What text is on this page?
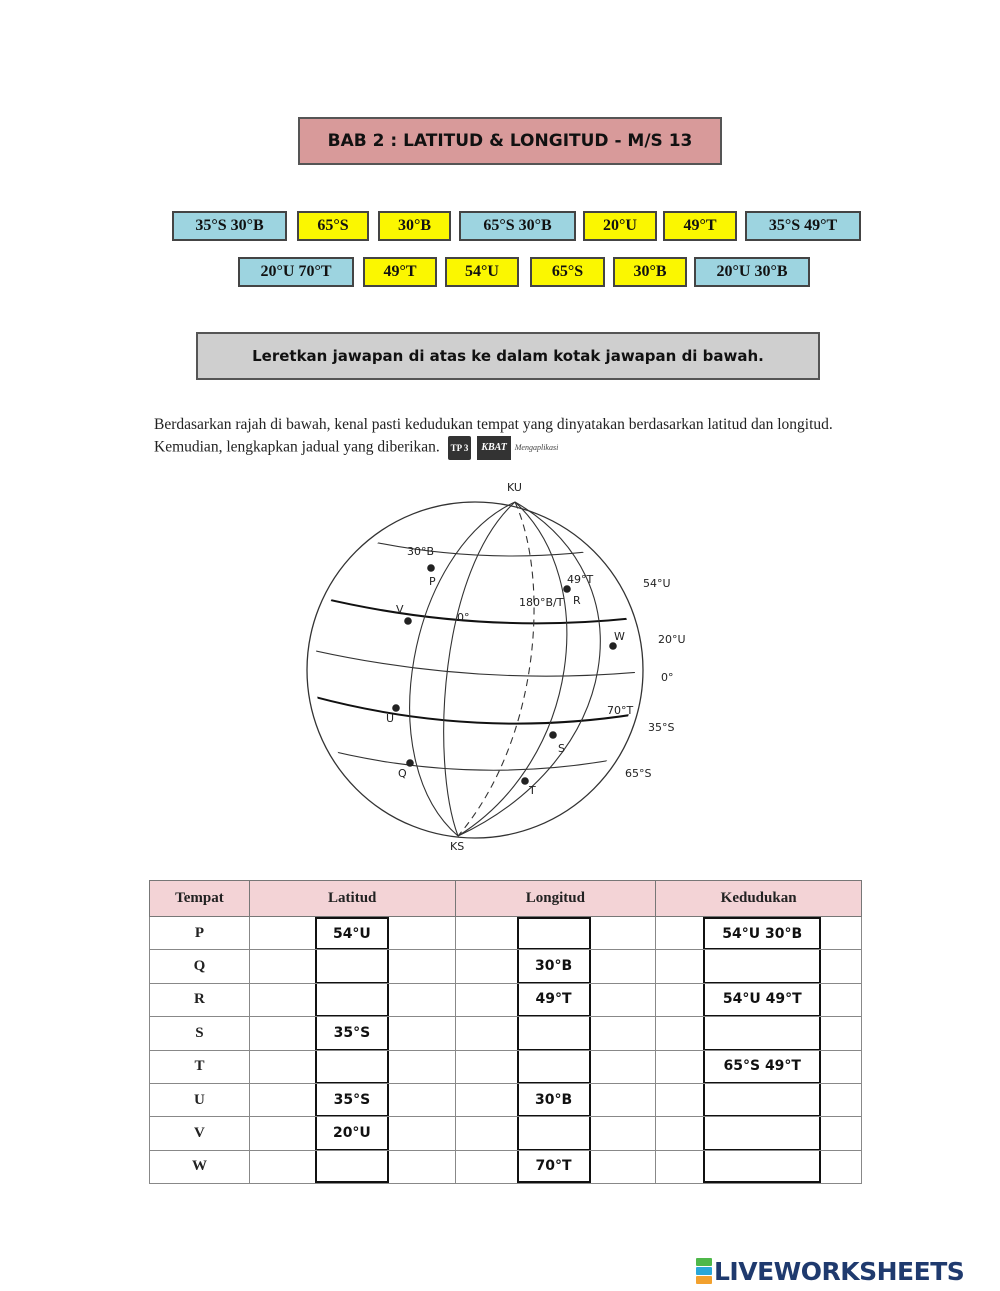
BAB 2 : LATITUD & LONGITUD - M/S 13
35°S 30°B	65°S	30°B	65°S 30°B	20°U	49°T	35°S 49°T
20°U 70°T	49°T	54°U	65°S	30°B	20°U 30°B
Leretkan jawapan di atas ke dalam kotak jawapan di bawah.
Berdasarkan rajah di bawah, kenal pasti kedudukan tempat yang dinyatakan berdasarkan latitud dan longitud. Kemudian, lengkapkan jadual yang diberikan. TP 3 KBAT Mengaplikasi
KU
KS
30°B
0°
180°B/T
49°T
70°T
54°U
20°U
0°
35°S
65°S
P
R
V
W
U
S
Q
T
Tempat	Latitud	Longitud	Kedudukan
P	54°U		54°U 30°B

Q		30°B	

R		49°T	54°U 49°T

S	35°S		

T			65°S 49°T

U	35°S	30°B	

V	20°U		

W		70°T	

LIVEWORKSHEETS
